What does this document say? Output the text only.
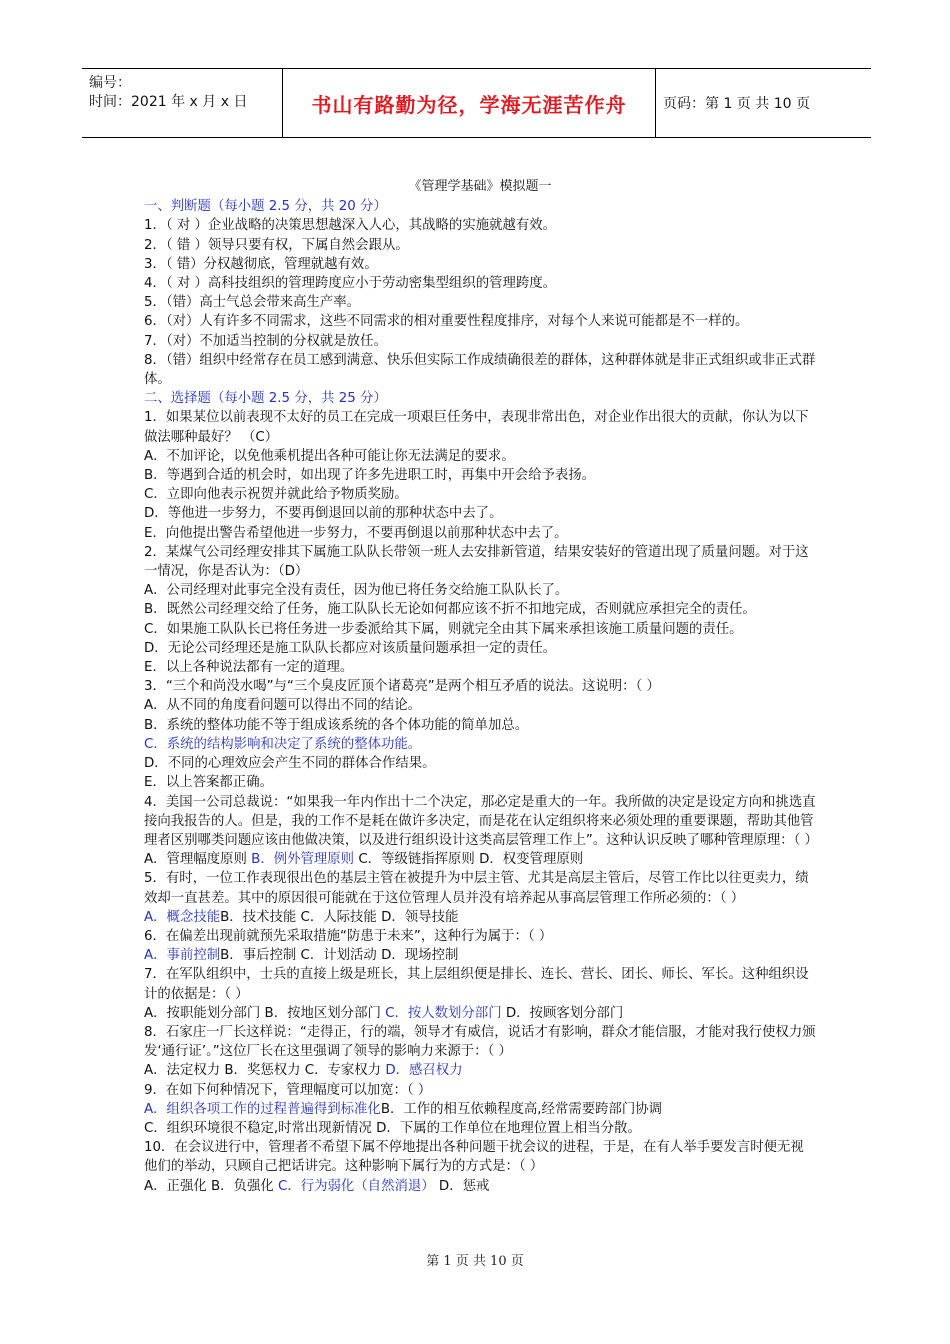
编号：
时间：2021 年 x 月 x 日	书山有路勤为径，学海无涯苦作舟	页码：第 1 页 共 10 页
《管理学基础》模拟题一
一、判断题（每小题 2.5 分，共 20 分）
1．（ 对 ）企业战略的决策思想越深入人心，其战略的实施就越有效。
2．（ 错 ）领导只要有权，下属自然会跟从。
3．（ 错）分权越彻底，管理就越有效。
4．（ 对 ）高科技组织的管理跨度应小于劳动密集型组织的管理跨度。
5．（错）高士气总会带来高生产率。
6．（对）人有许多不同需求，这些不同需求的相对重要性程度排序，对每个人来说可能都是不一样的。
7．（对）不加适当控制的分权就是放任。
8．（错）组织中经常存在员工感到满意、快乐但实际工作成绩确很差的群体，这种群体就是非正式组织或非正式群体。
二、选择题（每小题 2.5 分，共 25 分）
1．如果某位以前表现不太好的员工在完成一项艰巨任务中，表现非常出色，对企业作出很大的贡献，你认为以下做法哪种最好？ （C）
A．不加评论，以免他乘机提出各种可能让你无法满足的要求。
B．等遇到合适的机会时，如出现了许多先进职工时，再集中开会给予表扬。
C．立即向他表示祝贺并就此给予物质奖励。
D．等他进一步努力，不要再倒退回以前的那种状态中去了。
E．向他提出警告希望他进一步努力，不要再倒退以前那种状态中去了。
2．某煤气公司经理安排其下属施工队队长带领一班人去安排新管道，结果安装好的管道出现了质量问题。对于这一情况，你是否认为：（D）
A．公司经理对此事完全没有责任，因为他已将任务交给施工队队长了。
B．既然公司经理交给了任务，施工队队长无论如何都应该不折不扣地完成，否则就应承担完全的责任。
C．如果施工队队长已将任务进一步委派给其下属，则就完全由其下属来承担该施工质量问题的责任。
D．无论公司经理还是施工队队长都应对该质量问题承担一定的责任。
E．以上各种说法都有一定的道理。
3．“三个和尚没水喝”与“三个臭皮匠顶个诸葛亮”是两个相互矛盾的说法。这说明：（ ）
A．从不同的角度看问题可以得出不同的结论。
B．系统的整体功能不等于组成该系统的各个体功能的简单加总。
C．系统的结构影响和决定了系统的整体功能。
D．不同的心理效应会产生不同的群体合作结果。
E．以上答案都正确。
4．美国一公司总裁说：“如果我一年内作出十二个决定，那必定是重大的一年。我所做的决定是设定方向和挑选直接向我报告的人。但是，我的工作不是耗在做许多决定，而是花在认定组织将来必须处理的重要课题，帮助其他管理者区别哪类问题应该由他做决策，以及进行组织设计这类高层管理工作上”。这种认识反映了哪种管理原理：（ ）
A．管理幅度原则 B．例外管理原则 C．等级链指挥原则 D．权变管理原则
5．有时，一位工作表现很出色的基层主管在被提升为中层主管、尤其是高层主管后，尽管工作比以往更卖力，绩效却一直甚差。其中的原因很可能就在于这位管理人员并没有培养起从事高层管理工作所必须的：（ ）
A．概念技能B．技术技能 C．人际技能 D．领导技能
6．在偏差出现前就预先采取措施“防患于未来”，这种行为属于：（ ）
A．事前控制B．事后控制 C．计划活动 D．现场控制
7．在军队组织中，士兵的直接上级是班长，其上层组织便是排长、连长、营长、团长、师长、军长。这种组织设计的依据是：（ ）
A．按职能划分部门 B．按地区划分部门 C．按人数划分部门 D．按顾客划分部门
8．石家庄一厂长这样说：“走得正，行的端，领导才有威信，说话才有影响，群众才能信服，才能对我行使权力颁发‘通行证’。”这位厂长在这里强调了领导的影响力来源于：（ ）
A．法定权力 B．奖惩权力 C．专家权力 D．感召权力
9．在如下何种情况下，管理幅度可以加宽：（ ）
A．组织各项工作的过程普遍得到标准化B．工作的相互依赖程度高,经常需要跨部门协调
C．组织环境很不稳定,时常出现新情况 D．下属的工作单位在地理位置上相当分散。
10．在会议进行中，管理者不希望下属不停地提出各种问题干扰会议的进程，于是，在有人举手要发言时便无视他们的举动，只顾自己把话讲完。这种影响下属行为的方式是：（ ）
A．正强化 B．负强化 C．行为弱化（自然消退） D．惩戒
第 1 页 共 10 页
